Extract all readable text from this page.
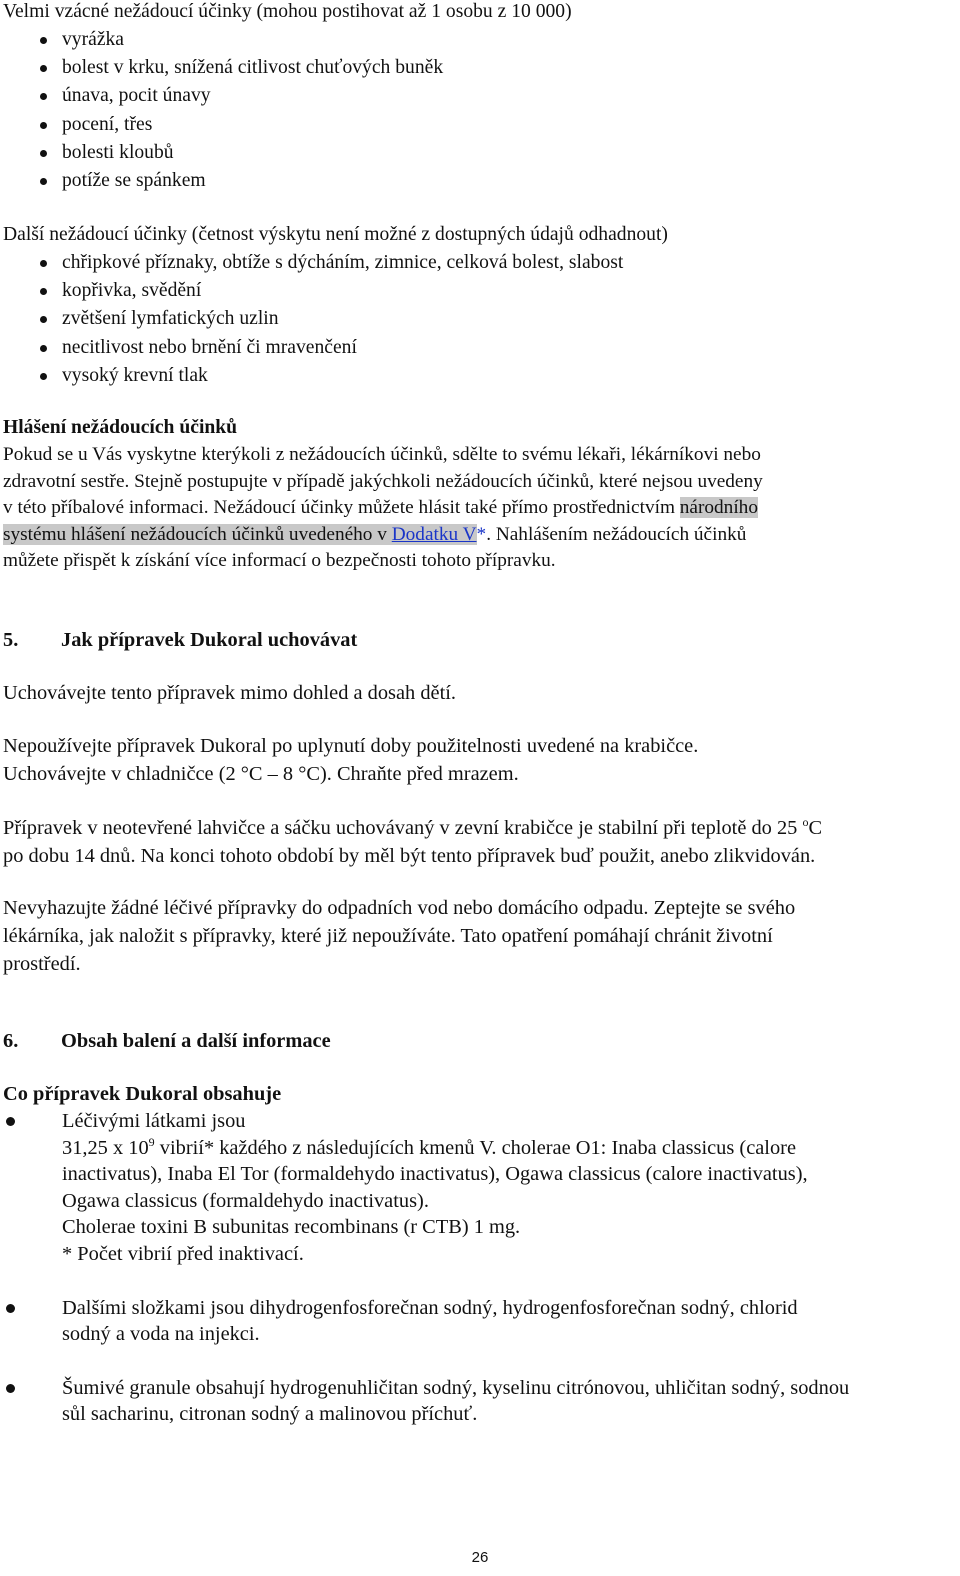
Velmi vzácné nežádoucí účinky (mohou postihovat až 1 osobu z 10 000)

vyrážka
bolest v krku, snížená citlivost chuťových buněk
únava, pocit únavy
pocení, třes
bolesti kloubů
potíže se spánkem

Další nežádoucí účinky (četnost výskytu není možné z dostupných údajů odhadnout)

chřipkové příznaky, obtíže s dýcháním, zimnice, celková bolest, slabost
kopřivka, svědění
zvětšení lymfatických uzlin
necitlivost nebo brnění či mravenčení
vysoký krevní tlak

Hlášení nežádoucích účinků

Pokud se u Vás vyskytne kterýkoli z nežádoucích účinků, sdělte to svému lékaři, lékárníkovi nebo
zdravotní sestře. Stejně postupujte v případě jakýchkoli nežádoucích účinků, které nejsou uvedeny
v této příbalové informaci. Nežádoucí účinky můžete hlásit také přímo prostřednictvím národního
systému hlášení nežádoucích účinků uvedeného v Dodatku V*. Nahlášením nežádoucích účinků
můžete přispět k získání více informací o bezpečnosti tohoto přípravku.

5. Jak přípravek Dukoral uchovávat

Uchovávejte tento přípravek mimo dohled a dosah dětí.

Nepoužívejte přípravek Dukoral po uplynutí doby použitelnosti uvedené na krabičce.
Uchovávejte v chladničce (2 °C – 8 °C). Chraňte před mrazem.
Přípravek v neotevřené lahvičce a sáčku uchovávaný v zevní krabičce je stabilní při teplotě do 25 $^o$C
po dobu 14 dnů. Na konci tohoto období by měl být tento přípravek buď použit, anebo zlikvidován.
Nevyhazujte žádné léčivé přípravky do odpadních vod nebo domácího odpadu. Zeptejte se svého
lékárníka, jak naložit s přípravky, které již nepoužíváte. Tato opatření pomáhají chránit životní
prostředí.

6. Obsah balení a další informace

Co přípravek Dukoral obsahuje

Léčivými látkami jsou
31,25 x $10^9$ vibrií* každého z následujících kmenů V. cholerae O1: Inaba classicus (calore
inactivatus), Inaba El Tor (formaldehydo inactivatus), Ogawa classicus (calore inactivatus),
Ogawa classicus (formaldehydo inactivatus).
Cholerae toxini B subunitas recombinans (r CTB) 1 mg.
* Počet vibrií před inaktivací.
Dalšími složkami jsou dihydrogenfosforečnan sodný, hydrogenfosforečnan sodný, chlorid
sodný a voda na injekci.
Šumivé granule obsahují hydrogenuhličitan sodný, kyselinu citrónovou, uhličitan sodný, sodnou
sůl sacharinu, citronan sodný a malinovou příchuť.
26
